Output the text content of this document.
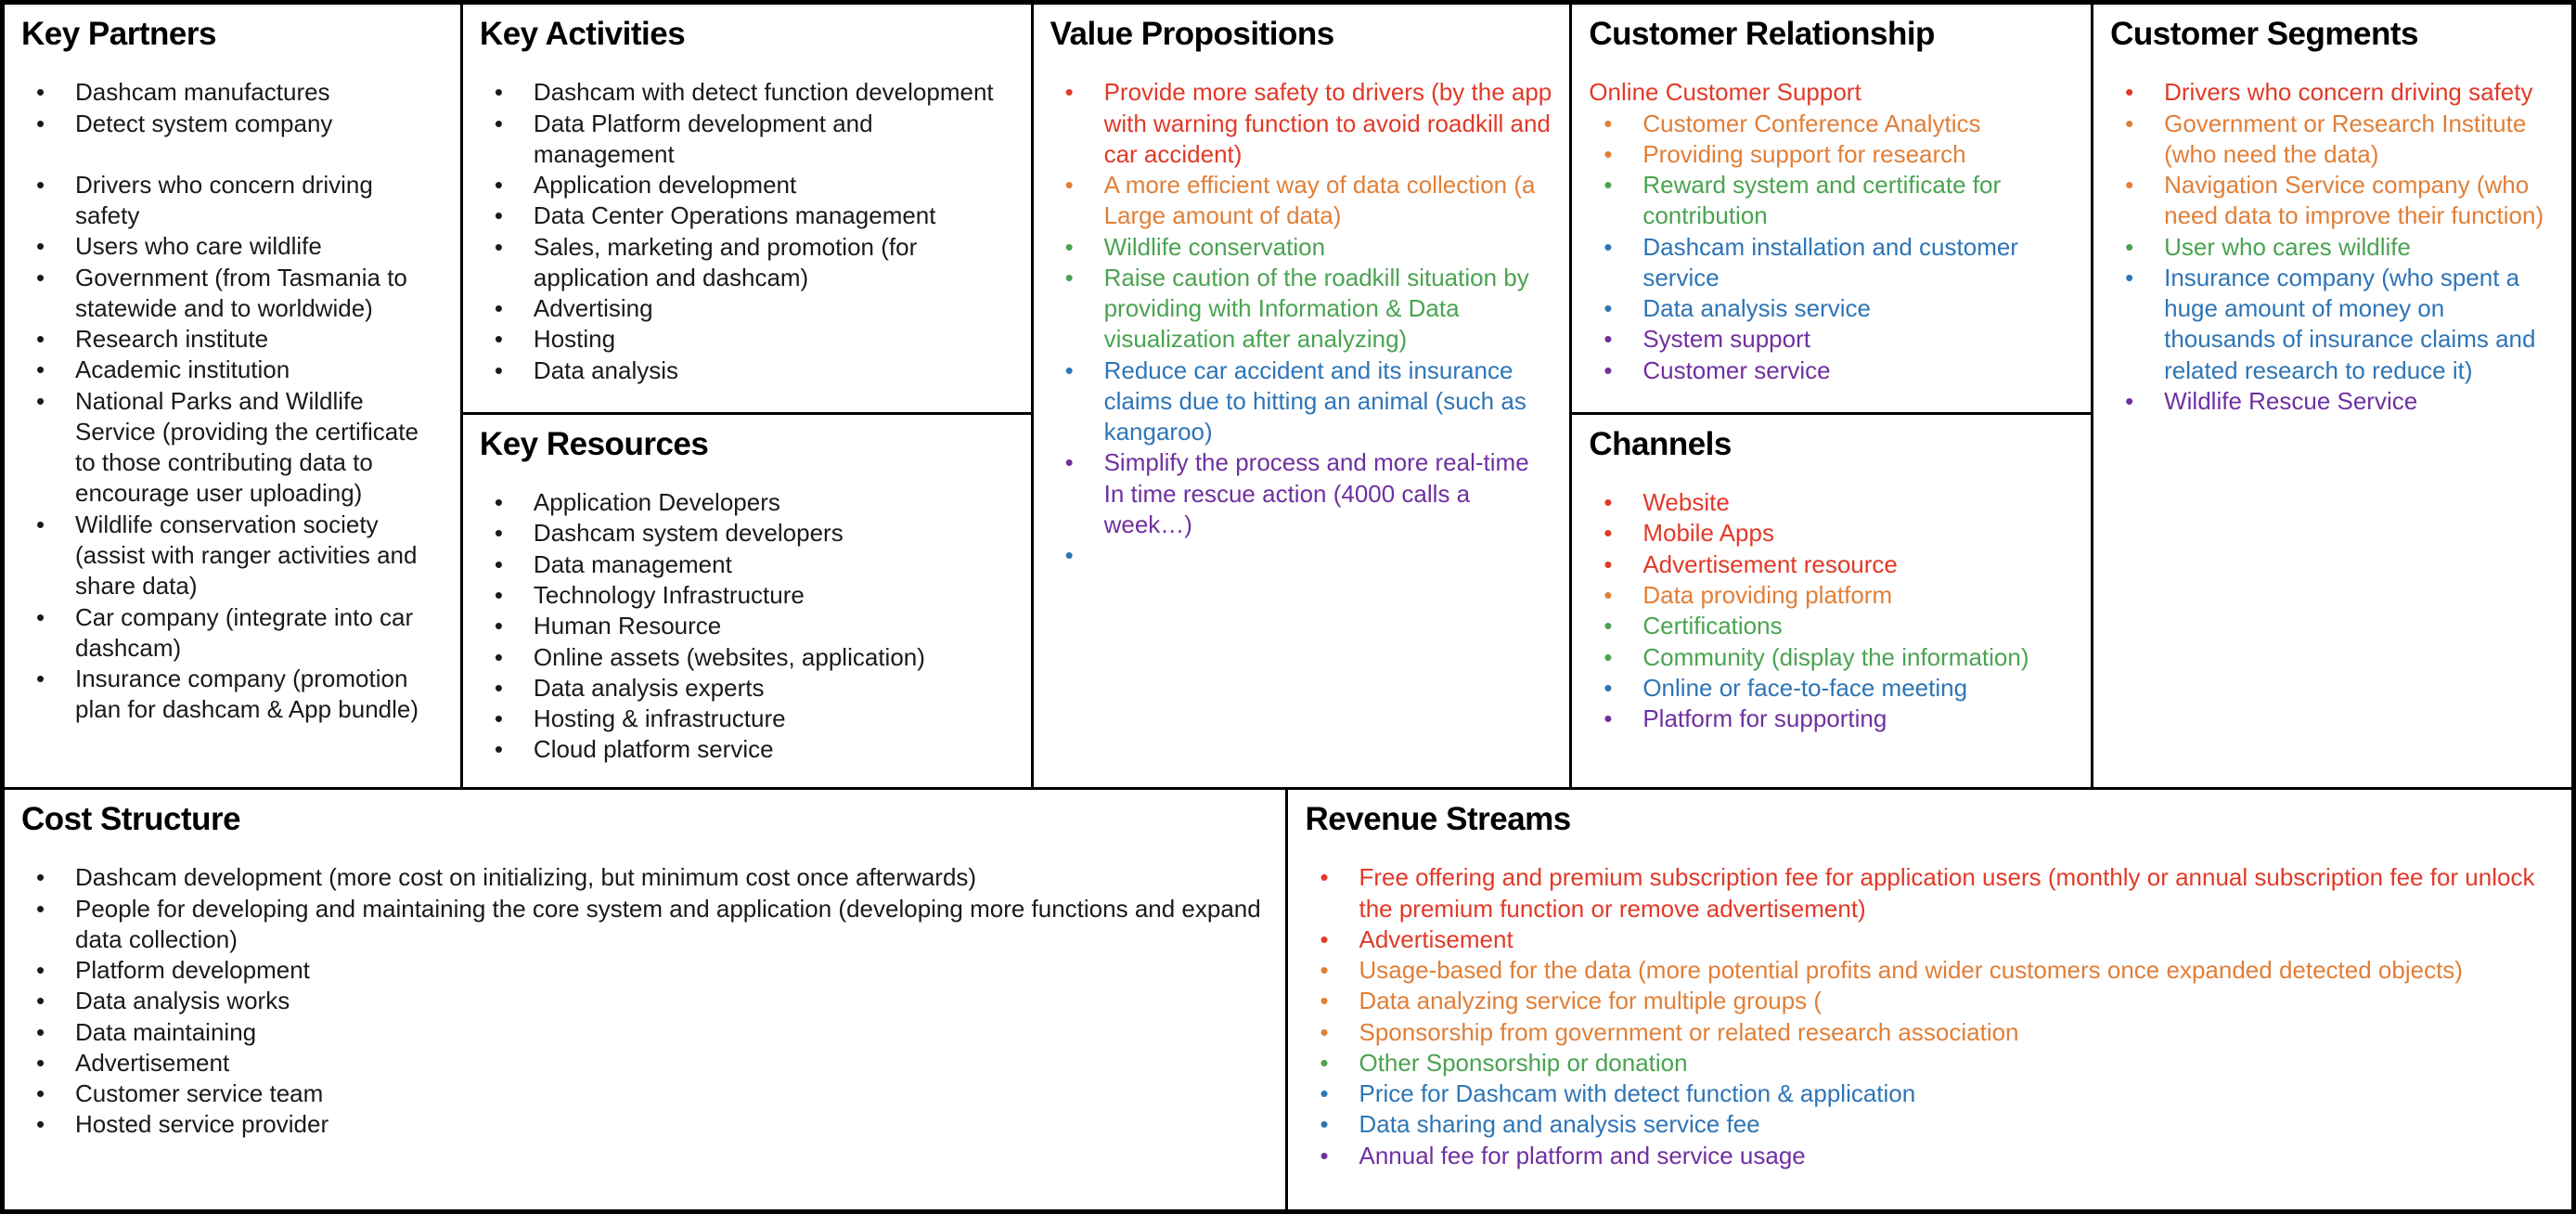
Key Partners
• Dashcam manufactures
• Detect system company
• Drivers who concern driving safety
• Users who care wildlife
• Government (from Tasmania to statewide and to worldwide)
• Research institute
• Academic institution
• National Parks and Wildlife Service (providing the certificate to those contributing data to encourage user uploading)
• Wildlife conservation society (assist with ranger activities and share data)
• Car company (integrate into car dashcam)
• Insurance company (promotion plan for dashcam & App bundle)
Key Activities
• Dashcam with detect function development
• Data Platform development and management
• Application development
• Data Center Operations management
• Sales, marketing and promotion (for application and dashcam)
• Advertising
• Hosting
• Data analysis
Key Resources
• Application Developers
• Dashcam system developers
• Data management
• Technology Infrastructure
• Human Resource
• Online assets (websites, application)
• Data analysis experts
• Hosting & infrastructure
• Cloud platform service
Value Propositions
• Provide more safety to drivers (by the app with warning function to avoid roadkill and car accident)
• A more efficient way of data collection (a Large amount of data)
• Wildlife conservation
• Raise caution of the roadkill situation by providing with Information & Data visualization after analyzing)
• Reduce car accident and its insurance claims due to hitting an animal (such as kangaroo)
• Simplify the process and more real-time In time rescue action (4000 calls a week…)
•
Customer Relationship
Online Customer Support
• Customer Conference Analytics
• Providing support for research
• Reward system and certificate for contribution
• Dashcam installation and customer service
• Data analysis service
• System support
• Customer service
Channels
• Website
• Mobile Apps
• Advertisement resource
• Data providing platform
• Certifications
• Community (display the information)
• Online or face-to-face meeting
• Platform for supporting
Customer Segments
• Drivers who concern driving safety
• Government or Research Institute (who need the data)
• Navigation Service company (who need data to improve their function)
• User who cares wildlife
• Insurance company (who spent a huge amount of money on thousands of insurance claims and related research to reduce it)
• Wildlife Rescue Service
Cost Structure
• Dashcam development (more cost on initializing, but minimum cost once afterwards)
• People for developing and maintaining the core system and application (developing more functions and expand data collection)
• Platform development
• Data analysis works
• Data maintaining
• Advertisement
• Customer service team
• Hosted service provider
Revenue Streams
• Free offering and premium subscription fee for application users (monthly or annual subscription fee for unlock the premium function or remove advertisement)
• Advertisement
• Usage-based for the data (more potential profits and wider customers once expanded detected objects)
• Data analyzing service for multiple groups (
• Sponsorship from government or related research association
• Other Sponsorship or donation
• Price for Dashcam with detect function & application
• Data sharing and analysis service fee
• Annual fee for platform and service usage
